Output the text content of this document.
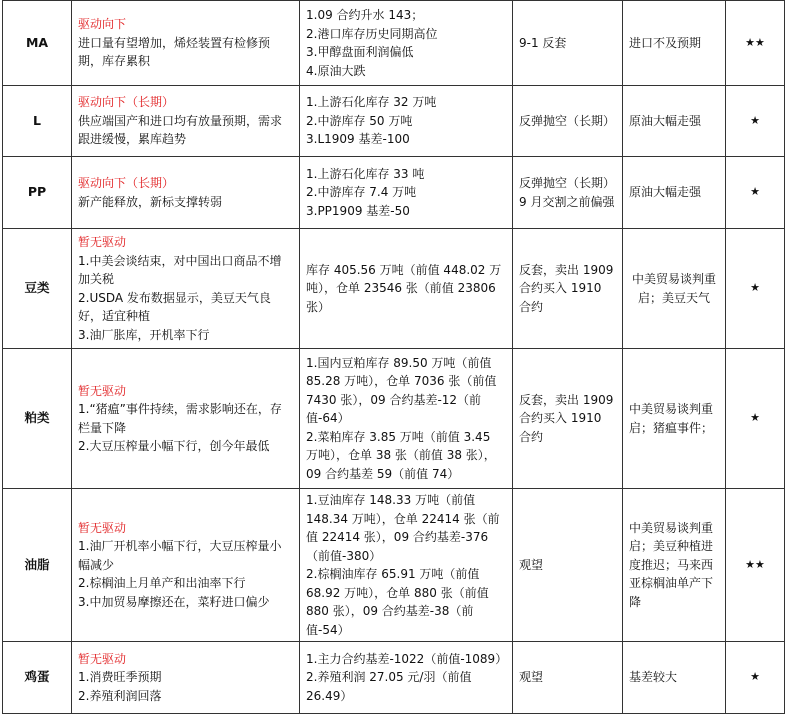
MA	驱动向下
进口量有望增加，烯烃装置有检修预期，库存累积	1.09 合约升水 143；
2.港口库存历史同期高位
3.甲醇盘面利润偏低
4.原油大跌	9-1 反套	进口不及预期	★★
L	驱动向下（长期）
供应端国产和进口均有放量预期，需求跟进缓慢，累库趋势	1.上游石化库存 32 万吨
2.中游库存 50 万吨
3.L1909 基差-100	反弹抛空（长期）	原油大幅走强	★
PP	驱动向下（长期）
新产能释放，新标支撑转弱	1.上游石化库存 33 吨
2.中游库存 7.4 万吨
3.PP1909 基差-50	反弹抛空（长期）9 月交割之前偏强	原油大幅走强	★
豆类	暂无驱动
1.中美会谈结束，对中国出口商品不增加关税
2.USDA 发布数据显示，美豆天气良好，适宜种植
3.油厂胀库，开机率下行	库存 405.56 万吨（前值 448.02 万吨），仓单 23546 张（前值 23806 张）	反套，卖出 1909 合约买入 1910 合约	中美贸易谈判重启；美豆天气	★
粕类	暂无驱动
1.“猪瘟”事件持续，需求影响还在，存栏量下降
2.大豆压榨量小幅下行，创今年最低	1.国内豆粕库存 89.50 万吨（前值 85.28 万吨），仓单 7036 张（前值 7430 张），09 合约基差-12（前值-64）
2.菜粕库存 3.85 万吨（前值 3.45 万吨），仓单 38 张（前值 38 张），09 合约基差 59（前值 74）	反套，卖出 1909 合约买入 1910 合约	中美贸易谈判重启；猪瘟事件；	★
油脂	暂无驱动
1.油厂开机率小幅下行，大豆压榨量小幅减少
2.棕榈油上月单产和出油率下行
3.中加贸易摩擦还在，菜籽进口偏少	1.豆油库存 148.33 万吨（前值 148.34 万吨），仓单 22414 张（前值 22414 张），09 合约基差-376（前值-380）
2.棕榈油库存 65.91 万吨（前值 68.92 万吨），仓单 880 张（前值 880 张），09 合约基差-38（前值-54）	观望	中美贸易谈判重启；美豆种植进度推迟；马来西亚棕榈油单产下降	★★
鸡蛋	暂无驱动
1.消费旺季预期
2.养殖利润回落	1.主力合约基差-1022（前值-1089）
2.养殖利润 27.05 元/羽（前值 26.49）	观望	基差较大	★
